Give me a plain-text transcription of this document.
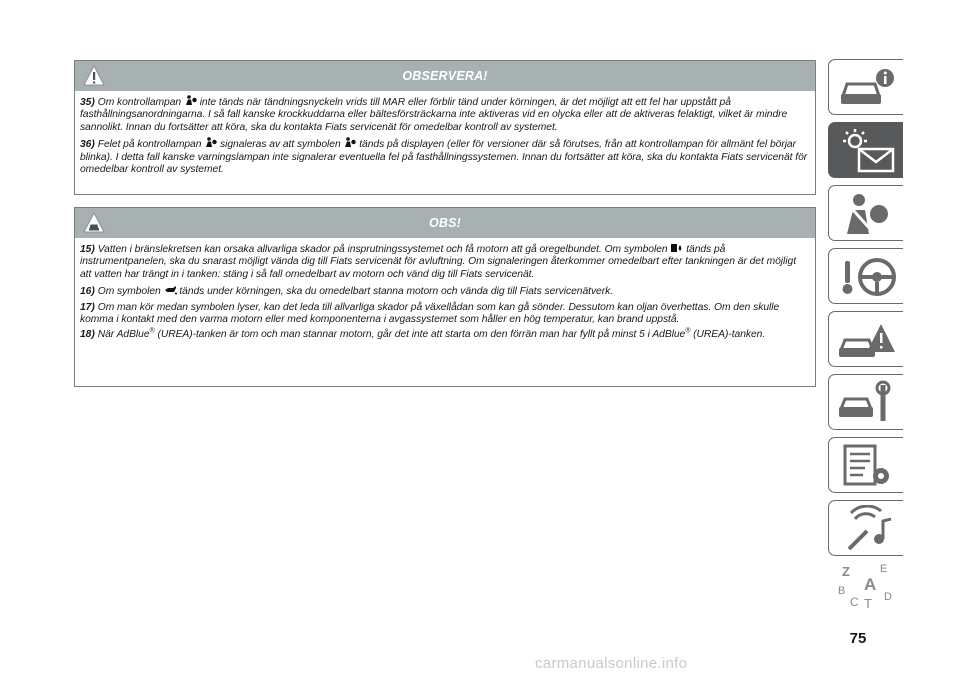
OBSERVERA!

35) Om kontrollampan inte tänds när tändningsnyckeln vrids till MAR eller förblir tänd under körningen, är det möjligt att ett fel har uppstått på fasthållningsanordningarna. I så fall kanske krockkuddarna eller bältesförsträckarna inte aktiveras vid en olycka eller att de aktiveras felaktigt, vilket är mindre sannolikt. Innan du fortsätter att köra, ska du kontakta Fiats servicenät för omedelbar kontroll av systemet.

36) Felet på kontrollampan signaleras av att symbolen tänds på displayen (eller för versioner där så förutses, från att kontrollampan för allmänt fel börjar blinka). I detta fall kanske varningslampan inte signalerar eventuella fel på fasthållningssystemen. Innan du fortsätter att köra, ska du kontakta Fiats servicenät för omedelbar kontroll av systemet.

OBS!

15) Vatten i bränslekretsen kan orsaka allvarliga skador på insprutningssystemet och få motorn att gå oregelbundet. Om symbolen tänds på instrumentpanelen, ska du snarast möjligt vända dig till Fiats servicenät för avluftning. Om signaleringen återkommer omedelbart efter tankningen är det möjligt att vatten har trängt in i tanken: stäng i så fall omedelbart av motorn och vänd dig till Fiats servicenät.

16) Om symbolen tänds under körningen, ska du omedelbart stanna motorn och vända dig till Fiats servicenätverk.

17) Om man kör medan symbolen lyser, kan det leda till allvarliga skador på växellådan som kan gå sönder. Dessutom kan oljan överhettas. Om den skulle komma i kontakt med den varma motorn eller med komponenterna i avgassystemet som håller en hög temperatur, kan brand uppstå.

18) När AdBlue® (UREA)-tanken är tom och man stannar motorn, går det inte att starta om den förrän man har fyllt på minst 5 i AdBlue® (UREA)-tanken.

Z	E
A
B
C T D
75
carmanualsonline.info
